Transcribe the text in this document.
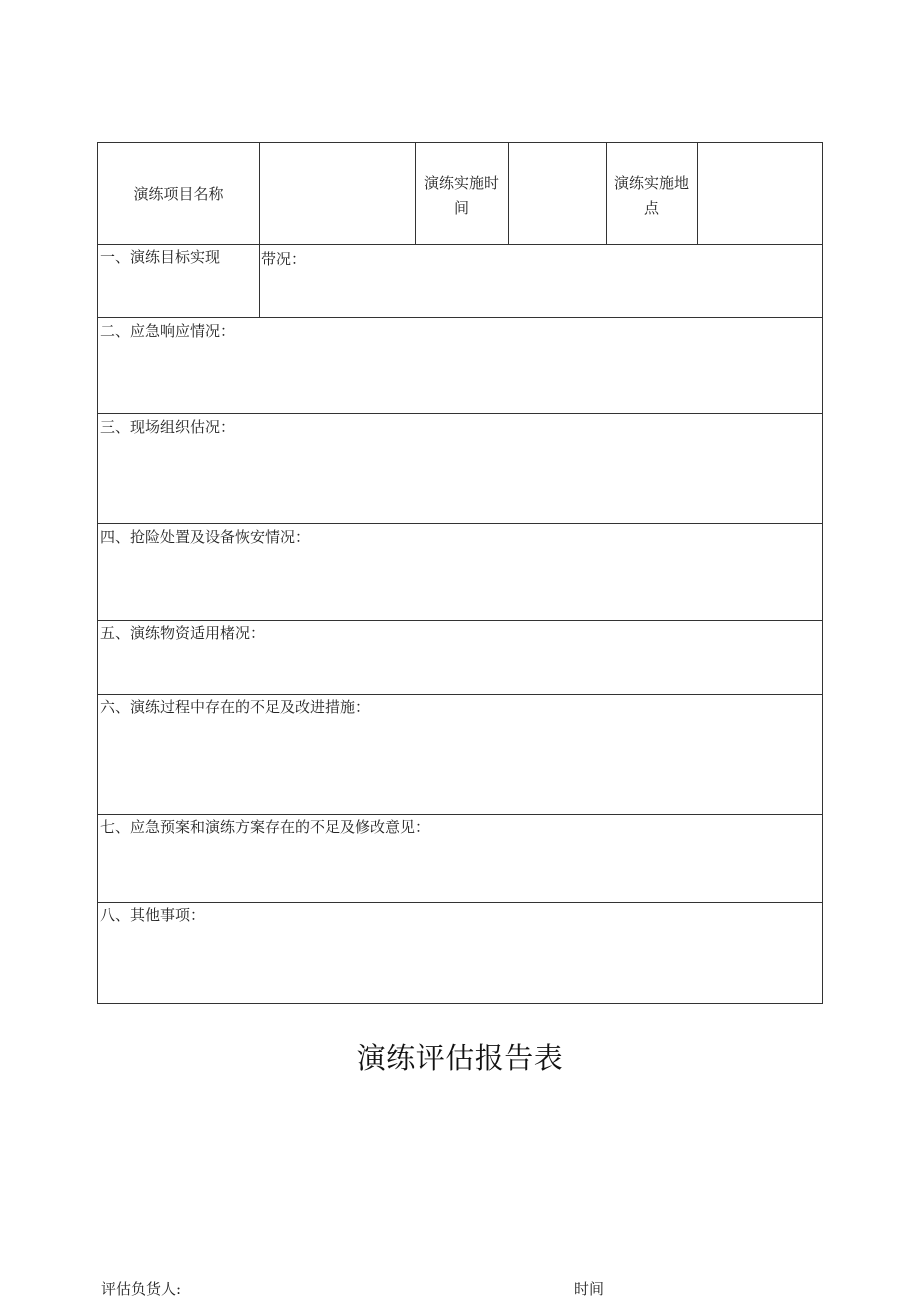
演练项目名称
演练实施时
间
演练实施地
点
一、演练目标实现	带况：
二、应急响应情况：
三、现场组织估况：
四、抢险处置及设备恢安情况：
五、演练物资适用楮况：
六、演练过程中存在的不足及改进措施：
七、应急预案和演练方案存在的不足及修改意见：
八、其他事项：
演练评估报告表
评估负货人:	时间
